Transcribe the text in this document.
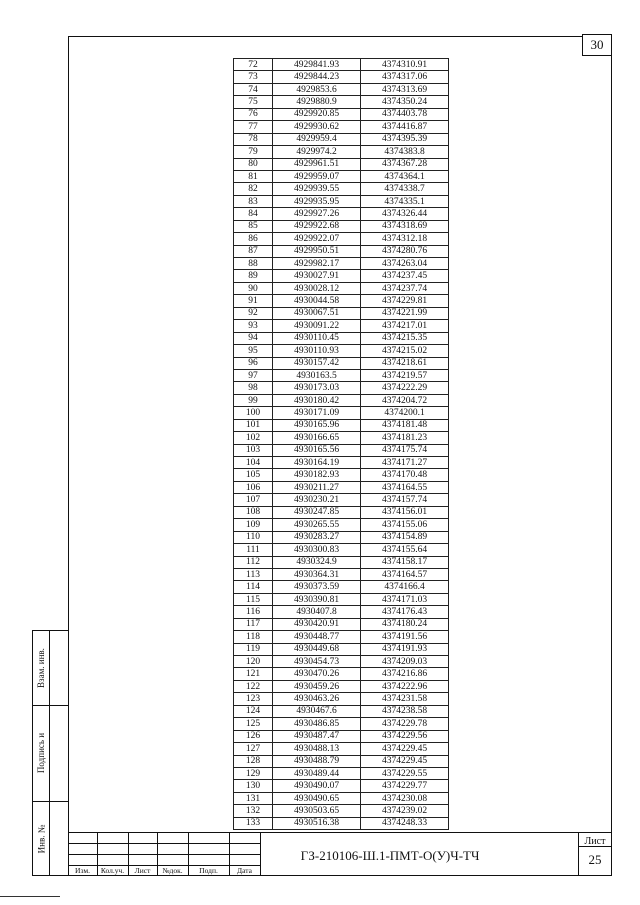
30
72	4929841.93	4374310.91
73	4929844.23	4374317.06
74	4929853.6	4374313.69
75	4929880.9	4374350.24
76	4929920.85	4374403.78
77	4929930.62	4374416.87
78	4929959.4	4374395.39
79	4929974.2	4374383.8
80	4929961.51	4374367.28
81	4929959.07	4374364.1
82	4929939.55	4374338.7
83	4929935.95	4374335.1
84	4929927.26	4374326.44
85	4929922.68	4374318.69
86	4929922.07	4374312.18
87	4929950.51	4374280.76
88	4929982.17	4374263.04
89	4930027.91	4374237.45
90	4930028.12	4374237.74
91	4930044.58	4374229.81
92	4930067.51	4374221.99
93	4930091.22	4374217.01
94	4930110.45	4374215.35
95	4930110.93	4374215.02
96	4930157.42	4374218.61
97	4930163.5	4374219.57
98	4930173.03	4374222.29
99	4930180.42	4374204.72
100	4930171.09	4374200.1
101	4930165.96	4374181.48
102	4930166.65	4374181.23
103	4930165.56	4374175.74
104	4930164.19	4374171.27
105	4930182.93	4374170.48
106	4930211.27	4374164.55
107	4930230.21	4374157.74
108	4930247.85	4374156.01
109	4930265.55	4374155.06
110	4930283.27	4374154.89
111	4930300.83	4374155.64
112	4930324.9	4374158.17
113	4930364.31	4374164.57
114	4930373.59	4374166.4
115	4930390.81	4374171.03
116	4930407.8	4374176.43
117	4930420.91	4374180.24
118	4930448.77	4374191.56
119	4930449.68	4374191.93
120	4930454.73	4374209.03
121	4930470.26	4374216.86
122	4930459.26	4374222.96
123	4930463.26	4374231.58
124	4930467.6	4374238.58
125	4930486.85	4374229.78
126	4930487.47	4374229.56
127	4930488.13	4374229.45
128	4930488.79	4374229.45
129	4930489.44	4374229.55
130	4930490.07	4374229.77
131	4930490.65	4374230.08
132	4930503.65	4374239.02
133	4930516.38	4374248.33
Взам. инв.
Подпись и
Инв. №
Изм.	Кол.уч.	Лист	№док.	Подп.	Дата
ГЗ-210106-Ш.1-ПМТ-О(У)Ч-ТЧ
Лист
25
